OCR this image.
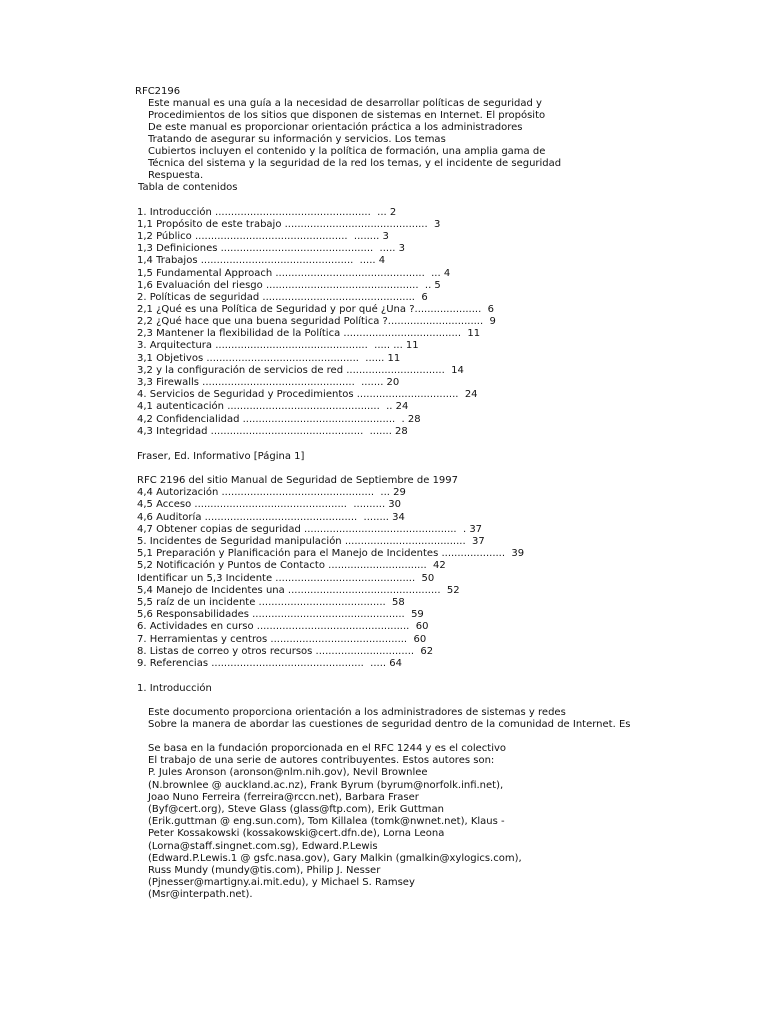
RFC2196
Este manual es una guía a la necesidad de desarrollar políticas de seguridad y
Procedimientos de los sitios que disponen de sistemas en Internet. El propósito
De este manual es proporcionar orientación práctica a los administradores
Tratando de asegurar su información y servicios. Los temas
Cubiertos incluyen el contenido y la política de formación, una amplia gama de
Técnica del sistema y la seguridad de la red los temas, y el incidente de seguridad
Respuesta.
Tabla de contenidos
1. Introducción .................................................  ... 2
1,1 Propósito de este trabajo .............................................  3
1,2 Público ................................................  ........ 3
1,3 Definiciones ................................................  ..... 3
1,4 Trabajos ................................................  ..... 4
1,5 Fundamental Approach ...............................................  ... 4
1,6 Evaluación del riesgo ................................................  .. 5
2. Políticas de seguridad ................................................  6
2,1 ¿Qué es una Política de Seguridad y por qué ¿Una ?.....................  6
2,2 ¿Qué hace que una buena seguridad Política ?..............................  9
2,3 Mantener la flexibilidad de la Política .....................................  11
3. Arquitectura ................................................  ..... ... 11
3,1 Objetivos ................................................  ...... 11
3,2 y la configuración de servicios de red ...............................  14
3,3 Firewalls ................................................  ....... 20
4. Servicios de Seguridad y Procedimientos ................................  24
4,1 autenticación ................................................  .. 24
4,2 Confidencialidad ................................................  . 28
4,3 Integridad ................................................  ....... 28
Fraser, Ed. Informativo [Página 1]
RFC 2196 del sitio Manual de Seguridad de Septiembre de 1997
4,4 Autorización ................................................  ... 29
4,5 Acceso ................................................  .......... 30
4,6 Auditoría ................................................  ........ 34
4,7 Obtener copias de seguridad ................................................  . 37
5. Incidentes de Seguridad manipulación ......................................  37
5,1 Preparación y Planificación para el Manejo de Incidentes ....................  39
5,2 Notificación y Puntos de Contacto ...............................  42
Identificar un 5,3 Incidente ............................................  50
5,4 Manejo de Incidentes una ................................................  52
5,5 raíz de un incidente ........................................  58
5,6 Responsabilidades ................................................  59
6. Actividades en curso ................................................  60
7. Herramientas y centros ...........................................  60
8. Listas de correo y otros recursos ...............................  62
9. Referencias ................................................  ..... 64
1. Introducción
Este documento proporciona orientación a los administradores de sistemas y redes
Sobre la manera de abordar las cuestiones de seguridad dentro de la comunidad de Internet. Es
Se basa en la fundación proporcionada en el RFC 1244 y es el colectivo
El trabajo de una serie de autores contribuyentes. Estos autores son:
P. Jules Aronson (aronson@nlm.nih.gov), Nevil Brownlee
(N.brownlee @ auckland.ac.nz), Frank Byrum (byrum@norfolk.infi.net),
Joao Nuno Ferreira (ferreira@rccn.net), Barbara Fraser
(Byf@cert.org), Steve Glass (glass@ftp.com), Erik Guttman
(Erik.guttman @ eng.sun.com), Tom Killalea (tomk@nwnet.net), Klaus -
Peter Kossakowski (kossakowski@cert.dfn.de), Lorna Leona
(Lorna@staff.singnet.com.sg), Edward.P.Lewis
(Edward.P.Lewis.1 @ gsfc.nasa.gov), Gary Malkin (gmalkin@xylogics.com),
Russ Mundy (mundy@tis.com), Philip J. Nesser
(Pjnesser@martigny.ai.mit.edu), y Michael S. Ramsey
(Msr@interpath.net).
